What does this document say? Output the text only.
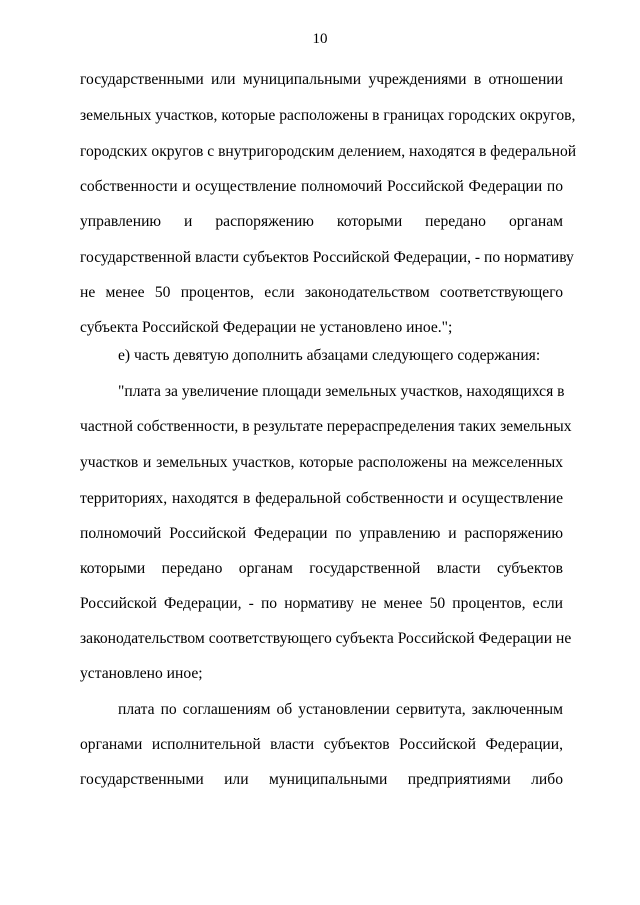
10
государственными или муниципальными учреждениями в отношении
земельных участков, которые расположены в границах городских округов,
городских округов с внутригородским делением, находятся в федеральной
собственности и осуществление полномочий Российской Федерации по
управлению и распоряжению которыми передано органам
государственной власти субъектов Российской Федерации, - по нормативу
не менее 50 процентов, если законодательством соответствующего
субъекта Российской Федерации не установлено иное.";
е) часть девятую дополнить абзацами следующего содержания:
"плата за увеличение площади земельных участков, находящихся в
частной собственности, в результате перераспределения таких земельных
участков и земельных участков, которые расположены на межселенных
территориях, находятся в федеральной собственности и осуществление
полномочий Российской Федерации по управлению и распоряжению
которыми передано органам государственной власти субъектов
Российской Федерации, - по нормативу не менее 50 процентов, если
законодательством соответствующего субъекта Российской Федерации не
установлено иное;
плата по соглашениям об установлении сервитута, заключенным
органами исполнительной власти субъектов Российской Федерации,
государственными или муниципальными предприятиями либо
